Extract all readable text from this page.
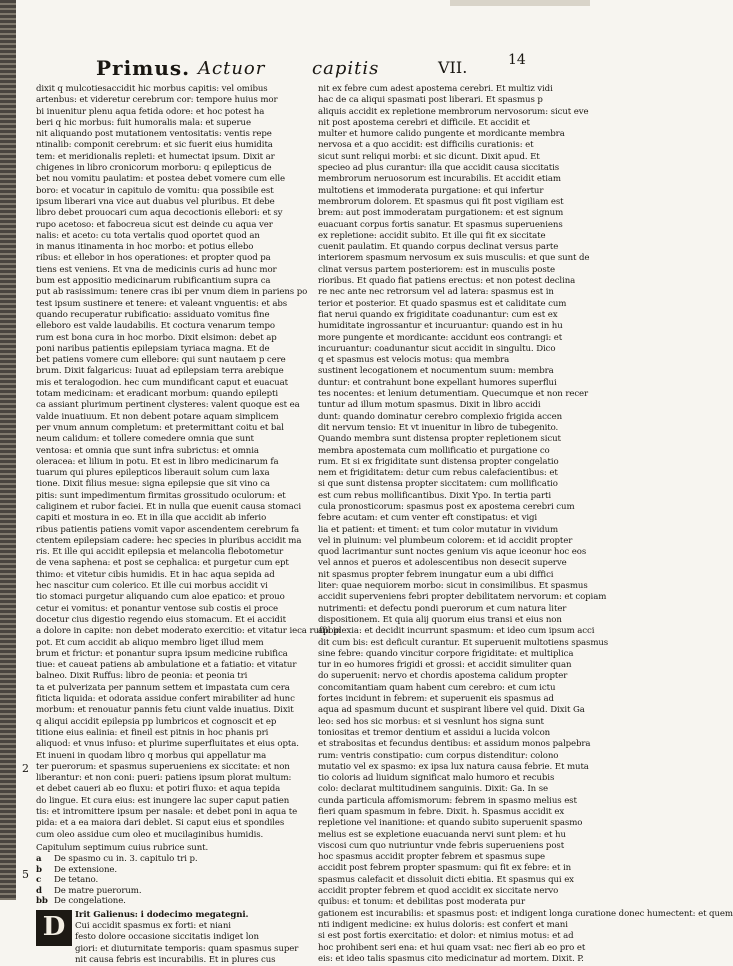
Primus. Actuor	capitis	VII.	14
dixit q mulcotiesaccidit hic morbus capitis: vel omibus
artenbus: et videretur cerebrum cor: tempore huius mor
bi inuenitur plenu aqua fetida odore: et hoc potest ha
beri q hic morbus: fuit humoralis mala: et superue
nit aliquando post mutationem ventositatis: ventis repe
ntinalib: componit cerebrum: et sic fuerit eius humidita
tem: et meridionalis repleti: et humectat ipsum. Dixit ar
chigenes in libro cronicorum morboru: q epilepticus de
bet nou vomitu paulatim: et postea debet vomere cum elle
boro: et vocatur in capitulo de vomitu: qua possibile est
ipsum liberari vna vice aut duabus vel pluribus. Et debe
libro debet prouocari cum aqua decoctionis ellebori: et sy
rupo acetoso: et fabocreua sicut est deinde cu aqua ver
nalis: et aceto: cu tota vertalis quod oportet quod an
in manus itinamenta in hoc morbo: et potius ellebo
ribus: et ellebor in hos operationes: et propter quod pa
tiens est veniens. Et vna de medicinis curis ad hunc mor
bum est appositio medicinarum rubificantium supra ca
put ab rasissimum: tenere cras ibi per vnum diem in pariens po
test ipsum sustinere et tenere: et valeant vnguentis: et abs
quando recuperatur rubificatio: assiduato vomitus fine
elleboro est valde laudabilis. Et coctura venarum tempo
rum est bona cura in hoc morbo. Dixit elsimon: debet ap
poni naribus patientis epilepsiam tyriaca magna. Et de
bet patiens vomere cum ellebore: qui sunt nautaem p cere
brum. Dixit falgaricus: Iuuat ad epilepsiam terra arebique
mis et teralogodion. hec cum mundificant caput et euacuat
totam medicinam: et eradicant morbum: quando epilepti
ca assiant plurimum pertinent clysteres: valent quoque est ea
valde inuatiuum. Et non debent potare aquam simplicem
per vnum annum completum: et pretermittant coitu et bal
neum calidum: et tollere comedere omnia que sunt
ventosa: et omnia que sunt infra subrictus: et omnia
oleracea: et lilium in potu. Et est in libro medicinarum fa
tuarum qui plures epilepticos liberauit solum cum laxa
tione. Dixit filius mesue: signa epilepsie que sit vino ca
pitis: sunt impedimentum firmitas grossitudo oculorum: et
caliginem et rubor faciei. Et in nulla que euenit causa stomaci
capiti et mostura in eo. Et in illa que accidit ab inferio
ribus patientis patiens vomit vapor ascendentem cerebrum fa
ctentem epilepsiam cadere: hec species in pluribus accidit ma
ris. Et ille qui accidit epilepsia et melancolia flebotometur
de vena saphena: et post se cephalica: et purgetur cum ept
thimo: et vitetur cibis humidis. Et in hac aqua sepida ad
hec nascitur cum colerico. Et ille cui morbus accidit vi
tio stomaci purgetur aliquando cum aloe epatico: et prouo
cetur ei vomitus: et ponantur ventose sub costis ei proce
docetur cius digestio regendo eius stomacum. Et ei accidit
a dolore in capite: non debet moderato exercitio: et vitatur ieca ruffil in
pot. Et cum accidit ab aliquo membro liget illud mem
brum et frictur: et ponantur supra ipsum medicine rubifica
tiue: et caueat patiens ab ambulatione et a fatiatio: et vitatur
balneo. Dixit Ruffus: libro de peonia: et peonia tri
ta et pulverizata per pannum settem et impastata cum cera
fiticta liquida: et odorata assidue confert mirabiliter ad hunc
morbum: et renouatur pannis fetu ciunt valde inuatius. Dixit
q aliqui accidit epilepsia pp lumbricos et cognoscit et ep
titione eius ealinia: et fineil est pitnis in hoc phanis pri
aliquod: et vnus infuso: et plurime superfluitates et eius opta.
Et inueni in quodam libro q morbus qui appellatur ma
ter puerorum: et spasmus superueniens ex siccitate: et non
liberantur: et non coni: pueri: patiens ipsum plorat multum:
et debet caueri ab eo fluxu: et potiri fluxo: et aqua tepida
do lingue. Et cura eius: est inungere lac super caput patien
tis: et intromittere ipsum per nasale: et debet poni in aqua te
pida: et a ea maiora dari deblet. Si caput eius et spondiles
cum oleo assidue cum oleo et mucilaginibus humidis.
Capitulum septimum cuius rubrice sunt.
a	De spasmo cu in. 3. capitulo tri p.
b	De extensione.
c	De tetano.
d	De matre puerorum.
bb De congelatione.
D	Irit Galienus: i dodecimo megategni.
Cui accidit spasmus ex forti: et niani
festo dolore occasione siccitatis indiget lon
giori: et diuturnitate temporis: quam spasmus super
nit causa febris est incurabilis. Et in plures cus
nit ex febre cum adest apostema cerebri. Et multiz vidi
hac de ca aliqui spasmati post liberari. Et spasmus p
aliquis accidit ex repletione membrorum nervosorum: sicut eve
nit post apostema cerebri et difficile. Et accidit et
multer et humore calido pungente et mordicante membra
nervosa et a quo accidit: est difficilis curationis: et
sicut sunt reliqui morbi: et sic dicunt. Dixit apud. Et
specieo ad plus curantur: illa que accidit causa siccitatis
membrorum neruosorum est incurabilis. Et accidit etiam
multotiens et immoderata purgatione: et qui infertur
membrorum dolorem. Et spasmus qui fit post vigiliam est
brem: aut post immoderatam purgationem: et est signum
euacuant corpus fortis sanatur. Et spasmus superueniens
ex repletione: accidit subito. Et ille qui fit ex siccitate
cuenit paulatim. Et quando corpus declinat versus parte
interiorem spasmum nervosum ex suis musculis: et que sunt de
clinat versus partem posteriorem: est in musculis poste
rioribus. Et quado fiat patiens erectus: et non potest declina
re nec ante nec retrorsum vel ad latera: spasmus est in
terior et posterior. Et quado spasmus est et caliditate cum
fiat nerui quando ex frigiditate coadunantur: cum est ex
humiditate ingrossantur et incuruantur: quando est in hu
more pungente et mordicante: accidunt eos contrangi: et
incuruantur: coadunantur sicut accidit in singultu. Dico
q et spasmus est velocis motus: qua membra
sustinent lecogationem et nocumentum suum: membra
duntur: et contrahunt bone expellant humores superflui
tes nocentes: et lenium detumentiam. Quecumque et non recer
tuntur ad illum motum spasmus. Dixit in libro accidi
dunt: quando dominatur cerebro complexio frigida accen
dit nervum tensio: Et vt inuenitur in libro de tubegenito.
Quando membra sunt distensa propter repletionem sicut
membra apostemata cum mollificatio et purgatione co
rum. Et si ex frigiditate sunt distensa propter congelatio
nem et frigiditatem: detur cum rebus calefacientibus: et
si que sunt distensa propter siccitatem: cum mollificatio
est cum rebus mollificantibus. Dixit Ypo. In tertia parti
cula pronosticorum: spasmus post ex apostema cerebri cum
febre acutam: et cum venter eft constipatus: et vigi
lia et patient: et timent: et tum color mutatur in vividum
vel in pluinum: vel plumbeum colorem: et id accidit propter
quod lacrimantur sunt noctes genium vis aque iceonur hoc eos
vel annos et pueros et adolescentibus non desecit superve
nit spasmus propter febrem inungatur eum a ubi diffici
liter: quae nequiorem morbo: sicut in consimilibus. Et spasmus
accidit superveniens febri propter debilitatem nervorum: et copiam
nutrimenti: et defectu pondi puerorum et cum natura liter
dispositionem. Et quia alij quorum eius transi et eius non
apoplexia: et decidit incurrunt spasmum: et ideo cum ipsum acci
dit cum bis: est deficult curantur. Et superuenit multotiens spasmus
sine febre: quando vincitur corpore frigiditate: et multiplica
tur in eo humores frigidi et grossi: et accidit simuliter quan
do superuenit: nervo et chordis apostema calidum propter
concomitantiam quam habent cum cerebro: et cum ictu
fortes incidunt in febrem: et superuenit eis spasmus ad
aqua ad spasmum ducunt et suspirant libere vel quid. Dixit Ga
leo: sed hos sic morbus: et si vesnlunt hos signa sunt
toniositas et tremor dentium et assidui a lucida volcon
et strabositas et fecundus dentibus: et assidum monos palpebra
rum: ventris constipatio: cum corpus distenditur: colono
mutatio vel ex spasmo: ex ipsa lux natura causa febrie. Et muta
tio coloris ad liuidum significat malo humoro et recubis
colo: declarat multitudinem sanguinis. Dixit: Ga. In se
cunda particula affomismorum: febrem in spasmo melius est
fieri quam spasmum in febre. Dixit. h. Spasmus accidit ex
repletione vel inanitione: et quando subito superuenit spasmo
melius est se expletione euacuanda nervi sunt plem: et hu
viscosi cum quo nutriuntur vnde febris superueniens post
hoc spasmus accidit propter febrem et spasmus supe
accidit post febrem propter spasmum: qui fit ex febre: et in
spasmus calefacit et dissoluit dicti ebitia. Et spasmus qui ex
accidit propter febrem et quod accidit ex siccitate nervo
quibus: et tonum: et debilitas post moderata pur
gationem est incurabilis: et spasmus post: et indigent longa curatione donec humectent: et quem
nti indigent medicine: ex huius doloris: est confert et mani
si est post fortis exercitatio: et dolor: et nimius motus: et ad
hoc prohibent seri ena: et hui quam vsat: nec fieri ab eo pro et
eis: et ideo talis spasmus cito medicinatur ad mortem. Dixit. P.
2
5
